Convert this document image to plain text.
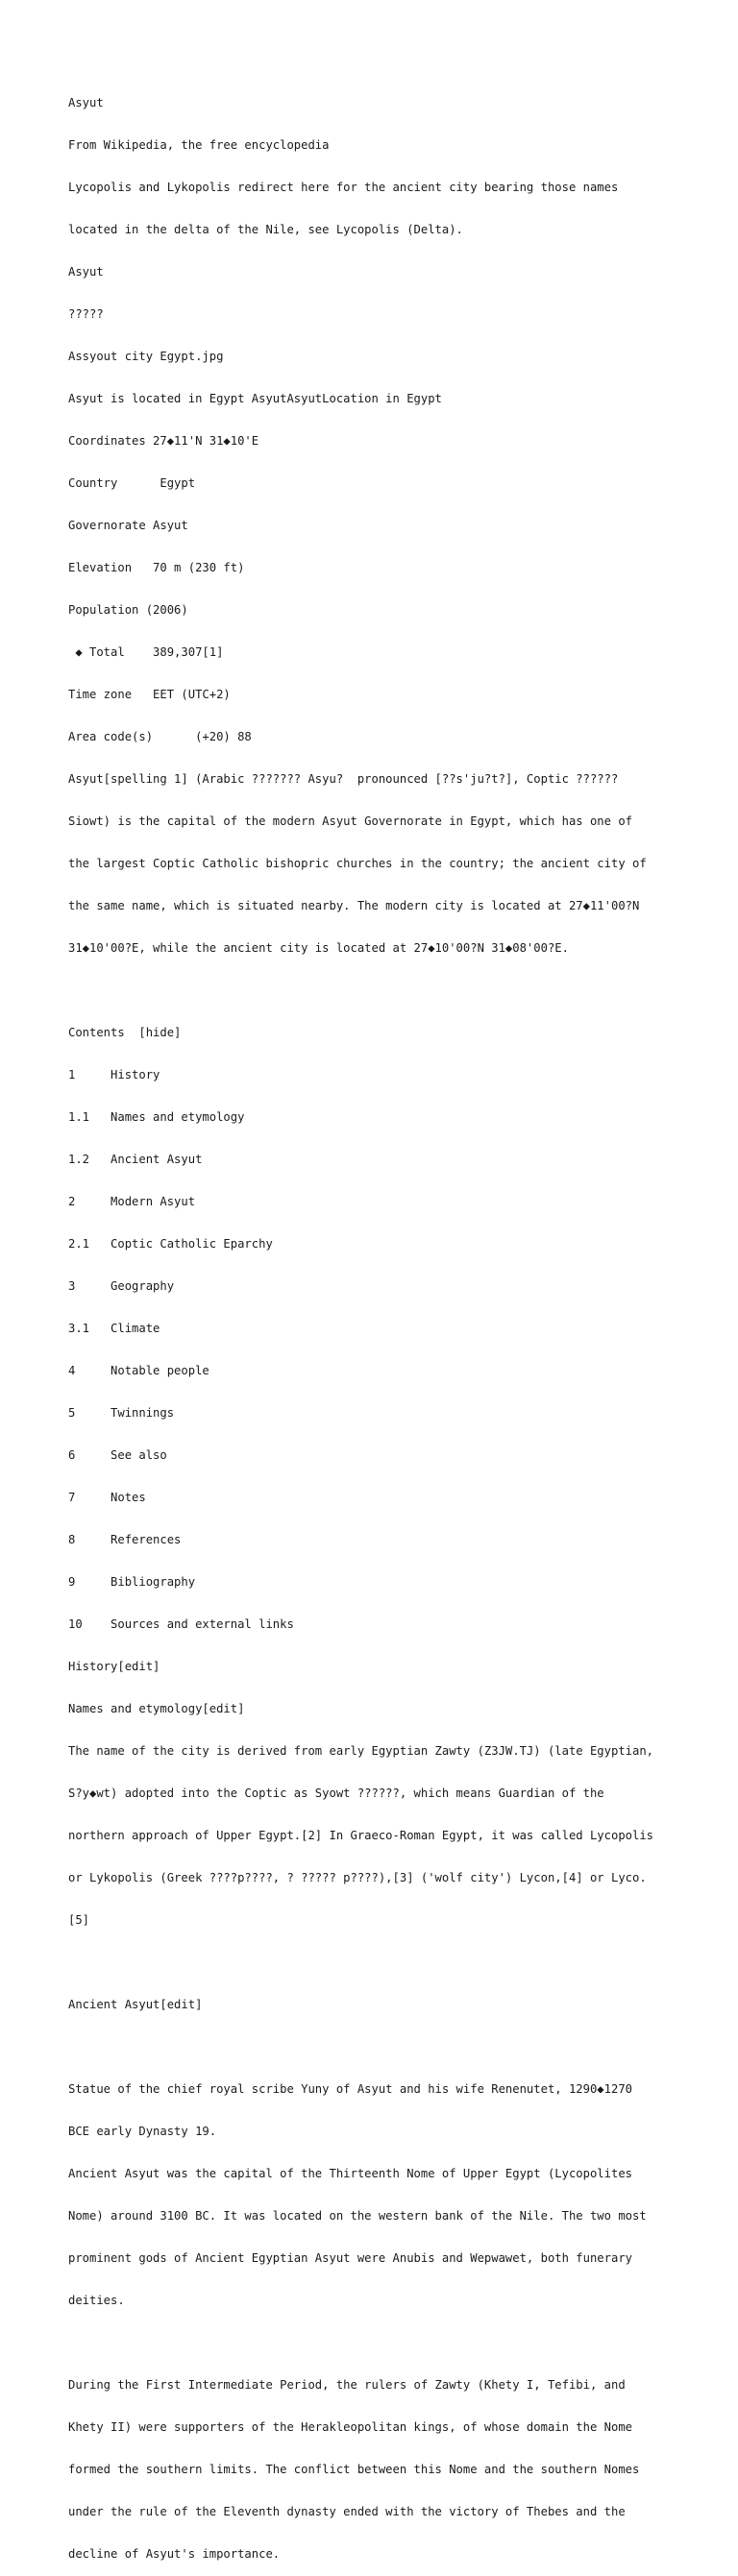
Asyut

From Wikipedia, the free encyclopedia

Lycopolis and Lykopolis redirect here for the ancient city bearing those names

located in the delta of the Nile, see Lycopolis (Delta).

Asyut

?????

Assyout city Egypt.jpg

Asyut is located in Egypt AsyutAsyutLocation in Egypt

Coordinates 27◆11'N 31◆10'E

Country      Egypt

Governorate Asyut

Elevation   70 m (230 ft)

Population (2006)

◆ Total    389,307[1]

Time zone   EET (UTC+2)

Area code(s)      (+20) 88

Asyut[spelling 1] (Arabic ??????? Asyu?  pronounced [??s'ju?t?], Coptic ??????

Siowt) is the capital of the modern Asyut Governorate in Egypt, which has one of

the largest Coptic Catholic bishopric churches in the country; the ancient city of

the same name, which is situated nearby. The modern city is located at 27◆11'00?N

31◆10'00?E, while the ancient city is located at 27◆10'00?N 31◆08'00?E.

Contents  [hide]

1     History

1.1   Names and etymology

1.2   Ancient Asyut

2     Modern Asyut

2.1   Coptic Catholic Eparchy

3     Geography

3.1   Climate

4     Notable people

5     Twinnings

6     See also

7     Notes

8     References

9     Bibliography

10    Sources and external links

History[edit]

Names and etymology[edit]

The name of the city is derived from early Egyptian Zawty (Z3JW.TJ) (late Egyptian,

S?y◆wt) adopted into the Coptic as Syowt ??????, which means Guardian of the

northern approach of Upper Egypt.[2] In Graeco-Roman Egypt, it was called Lycopolis

or Lykopolis (Greek ????p????, ? ????? p????),[3] ('wolf city') Lycon,[4] or Lyco.

[5]

Ancient Asyut[edit]

Statue of the chief royal scribe Yuny of Asyut and his wife Renenutet, 1290◆1270

BCE early Dynasty 19.

Ancient Asyut was the capital of the Thirteenth Nome of Upper Egypt (Lycopolites

Nome) around 3100 BC. It was located on the western bank of the Nile. The two most

prominent gods of Ancient Egyptian Asyut were Anubis and Wepwawet, both funerary

deities.

During the First Intermediate Period, the rulers of Zawty (Khety I, Tefibi, and

Khety II) were supporters of the Herakleopolitan kings, of whose domain the Nome

formed the southern limits. The conflict between this Nome and the southern Nomes

under the rule of the Eleventh dynasty ended with the victory of Thebes and the

decline of Asyut's importance.
